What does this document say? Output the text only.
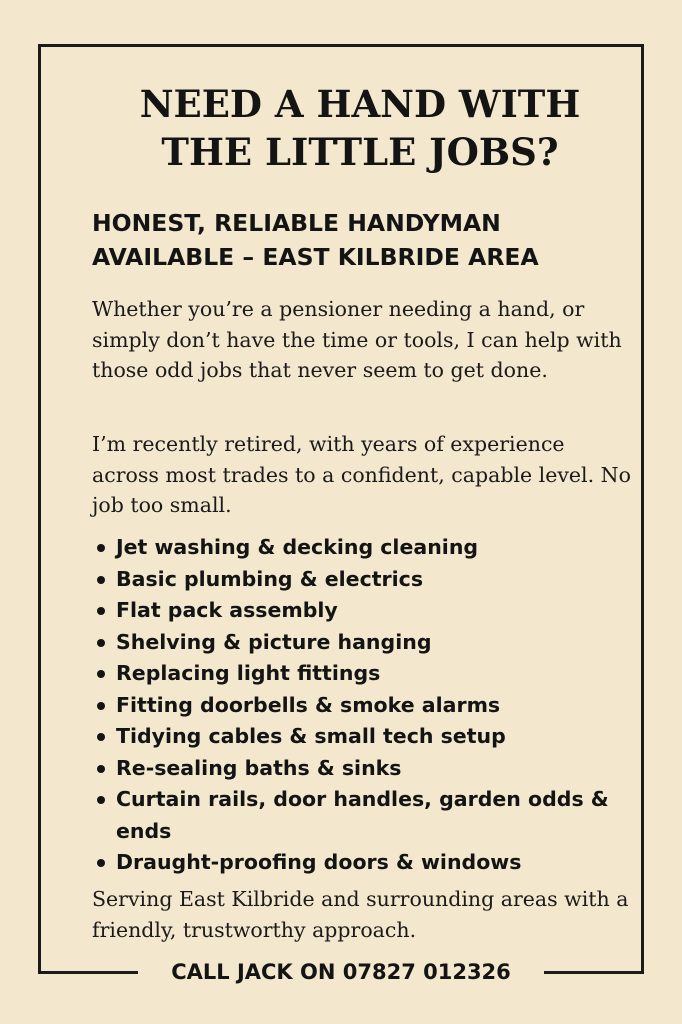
NEED A HAND WITH
THE LITTLE JOBS?
HONEST, RELIABLE HANDYMAN
AVAILABLE – EAST KILBRIDE AREA

Whether you’re a pensioner needing a hand, or simply don’t have the time or tools, I can help with those odd jobs that never seem to get done.

I’m recently retired, with years of experience across most trades to a confident, capable level. No job too small.

Jet washing & decking cleaning
Basic plumbing & electrics
Flat pack assembly
Shelving & picture hanging
Replacing light fittings
Fitting doorbells & smoke alarms
Tidying cables & small tech setup
Re-sealing baths & sinks
Curtain rails, door handles, garden odds & ends
Draught-proofing doors & windows

Serving East Kilbride and surrounding areas with a friendly, trustworthy approach.

CALL JACK ON 07827 012326
